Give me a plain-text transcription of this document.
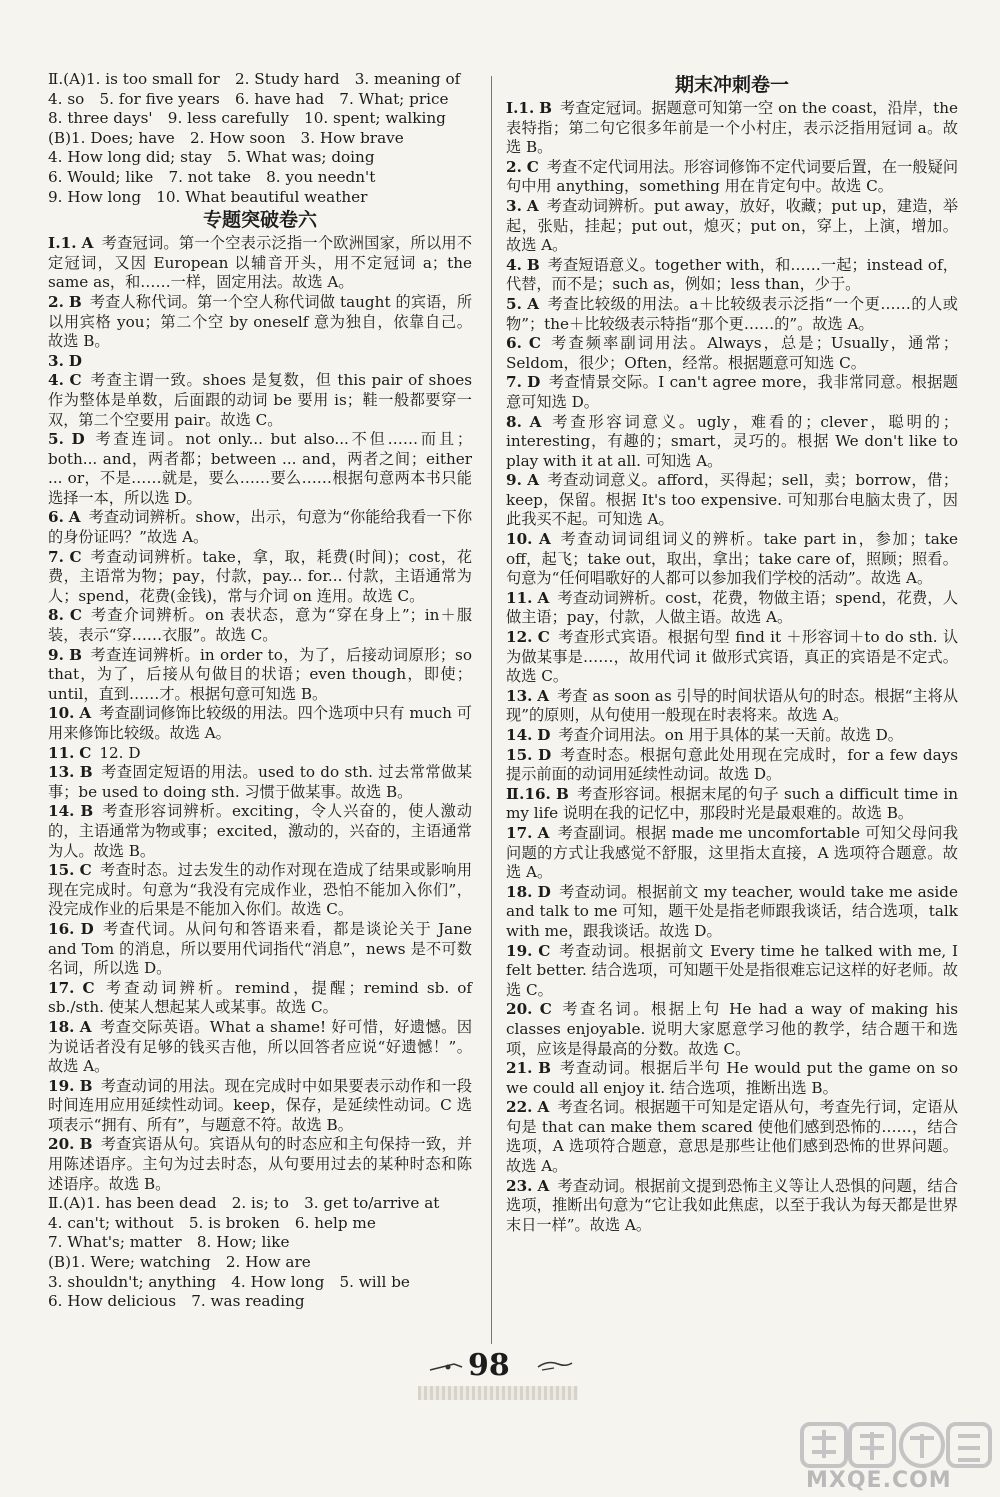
Ⅱ.(A)1. is too small for　2. Study hard　3. meaning of

4. so　5. for five years　6. have had　7. What; price

8. three days'　9. less carefully　10. spent; walking

(B)1. Does; have　2. How soon　3. How brave

4. How long did; stay　5. What was; doing

6. Would; like　7. not take　8. you needn't

9. How long　10. What beautiful weather

专题突破卷六

Ⅰ.1. A 考查冠词。第一个空表示泛指一个欧洲国家，所以用不定冠词，又因 European 以辅音开头，用不定冠词 a；the same as，和……一样，固定用法。故选 A。

2. B 考查人称代词。第一个空人称代词做 taught 的宾语，所以用宾格 you；第二个空 by oneself 意为独自，依靠自己。故选 B。

3. D

4. C 考查主谓一致。shoes 是复数，但 this pair of shoes 作为整体是单数，后面跟的动词 be 要用 is；鞋一般都要穿一双，第二个空要用 pair。故选 C。

5. D 考查连词。not only... but also...不但……而且；both... and，两者都；between ... and，两者之间；either ... or，不是……就是，要么……要么……根据句意两本书只能选择一本，所以选 D。

6. A 考查动词辨析。show，出示，句意为“你能给我看一下你的身份证吗？”故选 A。

7. C 考查动词辨析。take，拿，取，耗费(时间)；cost，花费，主语常为物；pay，付款，pay... for... 付款，主语通常为人；spend，花费(金钱)，常与介词 on 连用。故选 C。

8. C 考查介词辨析。on 表状态，意为“穿在身上”；in＋服装，表示“穿……衣服”。故选 C。

9. B 考查连词辨析。in order to，为了，后接动词原形；so that，为了，后接从句做目的状语；even though，即使；until，直到……才。根据句意可知选 B。

10. A 考查副词修饰比较级的用法。四个选项中只有 much 可用来修饰比较级。故选 A。

11. C 12. D

13. B 考查固定短语的用法。used to do sth. 过去常常做某事；be used to doing sth. 习惯于做某事。故选 B。

14. B 考查形容词辨析。exciting，令人兴奋的，使人激动的，主语通常为物或事；excited，激动的，兴奋的，主语通常为人。故选 B。

15. C 考查时态。过去发生的动作对现在造成了结果或影响用现在完成时。句意为“我没有完成作业，恐怕不能加入你们”，没完成作业的后果是不能加入你们。故选 C。

16. D 考查代词。从问句和答语来看，都是谈论关于 Jane and Tom 的消息，所以要用代词指代“消息”，news 是不可数名词，所以选 D。

17. C 考查动词辨析。remind，提醒；remind sb. of sb./sth. 使某人想起某人或某事。故选 C。

18. A 考查交际英语。What a shame! 好可惜，好遗憾。因为说话者没有足够的钱买吉他，所以回答者应说“好遗憾！”。故选 A。

19. B 考查动词的用法。现在完成时中如果要表示动作和一段时间连用应用延续性动词。keep，保存，是延续性动词。C 选项表示“拥有、所有”，与题意不符。故选 B。

20. B 考查宾语从句。宾语从句的时态应和主句保持一致，并用陈述语序。主句为过去时态，从句要用过去的某种时态和陈述语序。故选 B。

Ⅱ.(A)1. has been dead　2. is; to　3. get to/arrive at

4. can't; without　5. is broken　6. help me

7. What's; matter　8. How; like

(B)1. Were; watching　2. How are

3. shouldn't; anything　4. How long　5. will be

6. How delicious　7. was reading

期末冲刺卷一

Ⅰ.1. B 考查定冠词。据题意可知第一空 on the coast，沿岸，the 表特指；第二句它很多年前是一个小村庄，表示泛指用冠词 a。故选 B。

2. C 考查不定代词用法。形容词修饰不定代词要后置，在一般疑问句中用 anything，something 用在肯定句中。故选 C。

3. A 考查动词辨析。put away，放好，收藏；put up，建造，举起，张贴，挂起；put out，熄灭；put on，穿上，上演，增加。故选 A。

4. B 考查短语意义。together with，和……一起；instead of，代替，而不是；such as，例如；less than，少于。

5. A 考查比较级的用法。a＋比较级表示泛指“一个更……的人或物”；the＋比较级表示特指“那个更……的”。故选 A。

6. C 考查频率副词用法。Always，总是；Usually，通常；Seldom，很少；Often，经常。根据题意可知选 C。

7. D 考查情景交际。I can't agree more，我非常同意。根据题意可知选 D。

8. A 考查形容词意义。ugly，难看的；clever，聪明的；interesting，有趣的；smart，灵巧的。根据 We don't like to play with it at all. 可知选 A。

9. A 考查动词意义。afford，买得起；sell，卖；borrow，借；keep，保留。根据 It's too expensive. 可知那台电脑太贵了，因此我买不起。可知选 A。

10. A 考查动词词组词义的辨析。take part in，参加；take off，起飞；take out，取出，拿出；take care of，照顾；照看。句意为“任何唱歌好的人都可以参加我们学校的活动”。故选 A。

11. A 考查动词辨析。cost，花费，物做主语；spend，花费，人做主语；pay，付款，人做主语。故选 A。

12. C 考查形式宾语。根据句型 find it ＋形容词＋to do sth. 认为做某事是……，故用代词 it 做形式宾语，真正的宾语是不定式。故选 C。

13. A 考查 as soon as 引导的时间状语从句的时态。根据“主将从现”的原则，从句使用一般现在时表将来。故选 A。

14. D 考查介词用法。on 用于具体的某一天前。故选 D。

15. D 考查时态。根据句意此处用现在完成时，for a few days 提示前面的动词用延续性动词。故选 D。

Ⅱ.16. B 考查形容词。根据末尾的句子 such a difficult time in my life 说明在我的记忆中，那段时光是最艰难的。故选 B。

17. A 考查副词。根据 made me uncomfortable 可知父母问我问题的方式让我感觉不舒服，这里指太直接，A 选项符合题意。故选 A。

18. D 考查动词。根据前文 my teacher, would take me aside and talk to me 可知，题干处是指老师跟我谈话，结合选项，talk with me，跟我谈话。故选 D。

19. C 考查动词。根据前文 Every time he talked with me, I felt better. 结合选项，可知题干处是指很难忘记这样的好老师。故选 C。

20. C 考查名词。根据上句 He had a way of making his classes enjoyable. 说明大家愿意学习他的教学，结合题干和选项，应该是得最高的分数。故选 C。

21. B 考查动词。根据后半句 He would put the game on so we could all enjoy it. 结合选项，推断出选 B。

22. A 考查名词。根据题干可知是定语从句，考查先行词，定语从句是 that can make them scared 使他们感到恐怖的……，结合选项，A 选项符合题意，意思是那些让他们感到恐怖的世界问题。故选 A。

23. A 考查动词。根据前文提到恐怖主义等让人恐惧的问题，结合选项，推断出句意为“它让我如此焦虑，以至于我认为每天都是世界末日一样”。故选 A。

98
MXQE.COM
